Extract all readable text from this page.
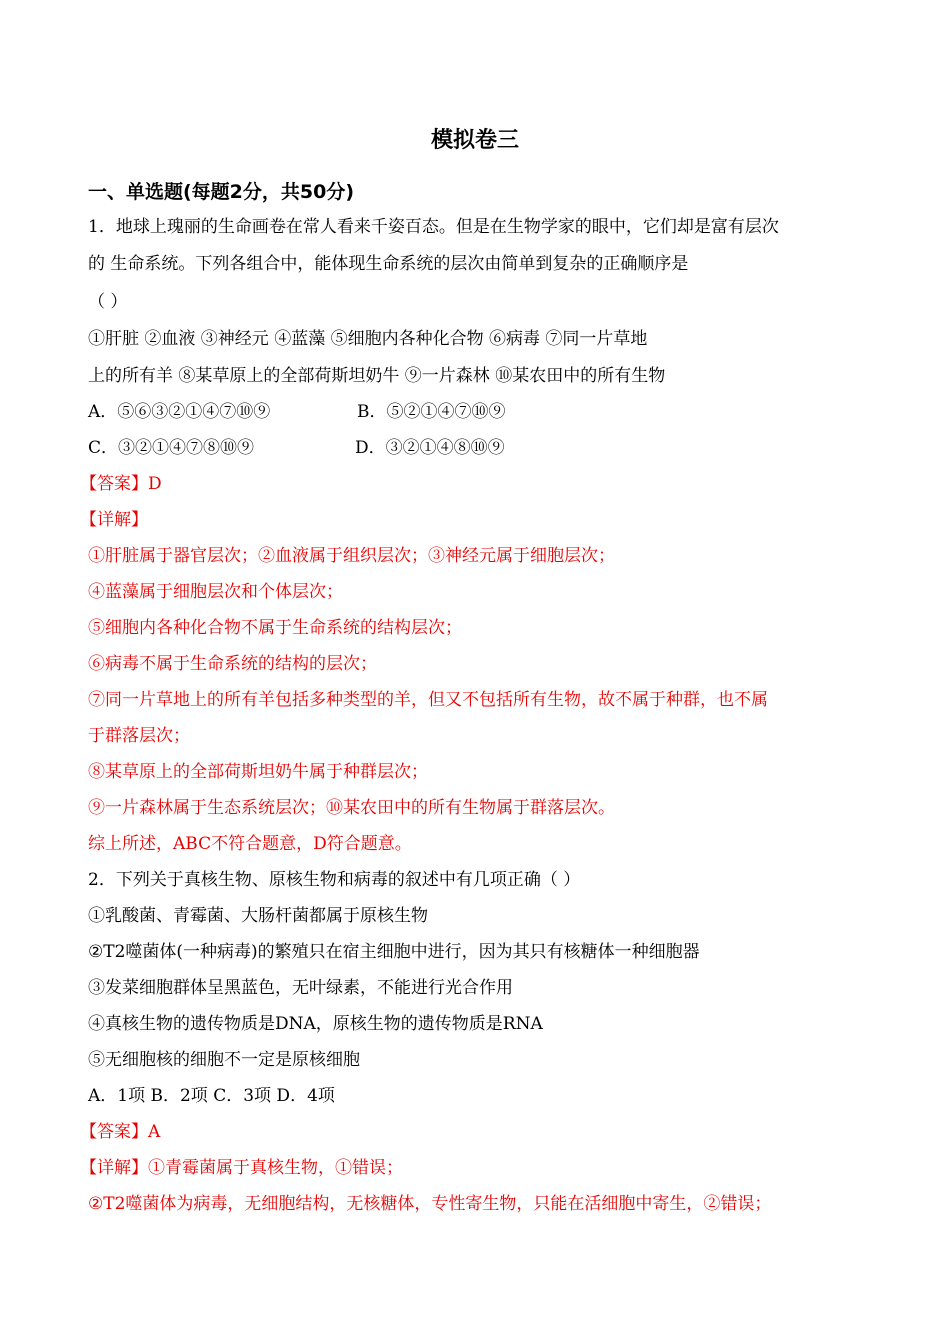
模拟卷三
一、单选题(每题2分，共50分)
1．地球上瑰丽的生命画卷在常人看来千姿百态。但是在生物学家的眼中，它们却是富有层次
的 生命系统。下列各组合中，能体现生命系统的层次由简单到复杂的正确顺序是
（ ）
①肝脏 ②血液 ③神经元 ④蓝藻 ⑤细胞内各种化合物 ⑥病毒 ⑦同一片草地
上的所有羊 ⑧某草原上的全部荷斯坦奶牛 ⑨一片森林 ⑩某农田中的所有生物
A．⑤⑥③②①④⑦⑩⑨	B．⑤②①④⑦⑩⑨
C．③②①④⑦⑧⑩⑨	D．③②①④⑧⑩⑨
【答案】D
【详解】
①肝脏属于器官层次；②血液属于组织层次；③神经元属于细胞层次；
④蓝藻属于细胞层次和个体层次；
⑤细胞内各种化合物不属于生命系统的结构层次；
⑥病毒不属于生命系统的结构的层次；
⑦同一片草地上的所有羊包括多种类型的羊，但又不包括所有生物，故不属于种群，也不属
于群落层次；
⑧某草原上的全部荷斯坦奶牛属于种群层次；
⑨一片森林属于生态系统层次；⑩某农田中的所有生物属于群落层次。
综上所述，ABC不符合题意，D符合题意。
2．下列关于真核生物、原核生物和病毒的叙述中有几项正确（ ）
①乳酸菌、青霉菌、大肠杆菌都属于原核生物
②T2噬菌体(一种病毒)的繁殖只在宿主细胞中进行，因为其只有核糖体一种细胞器
③发菜细胞群体呈黑蓝色，无叶绿素，不能进行光合作用
④真核生物的遗传物质是DNA，原核生物的遗传物质是RNA
⑤无细胞核的细胞不一定是原核细胞
A．1项 B．2项 C．3项 D．4项
【答案】A
【详解】①青霉菌属于真核生物，①错误；
②T2噬菌体为病毒，无细胞结构，无核糖体，专性寄生物，只能在活细胞中寄生，②错误；
